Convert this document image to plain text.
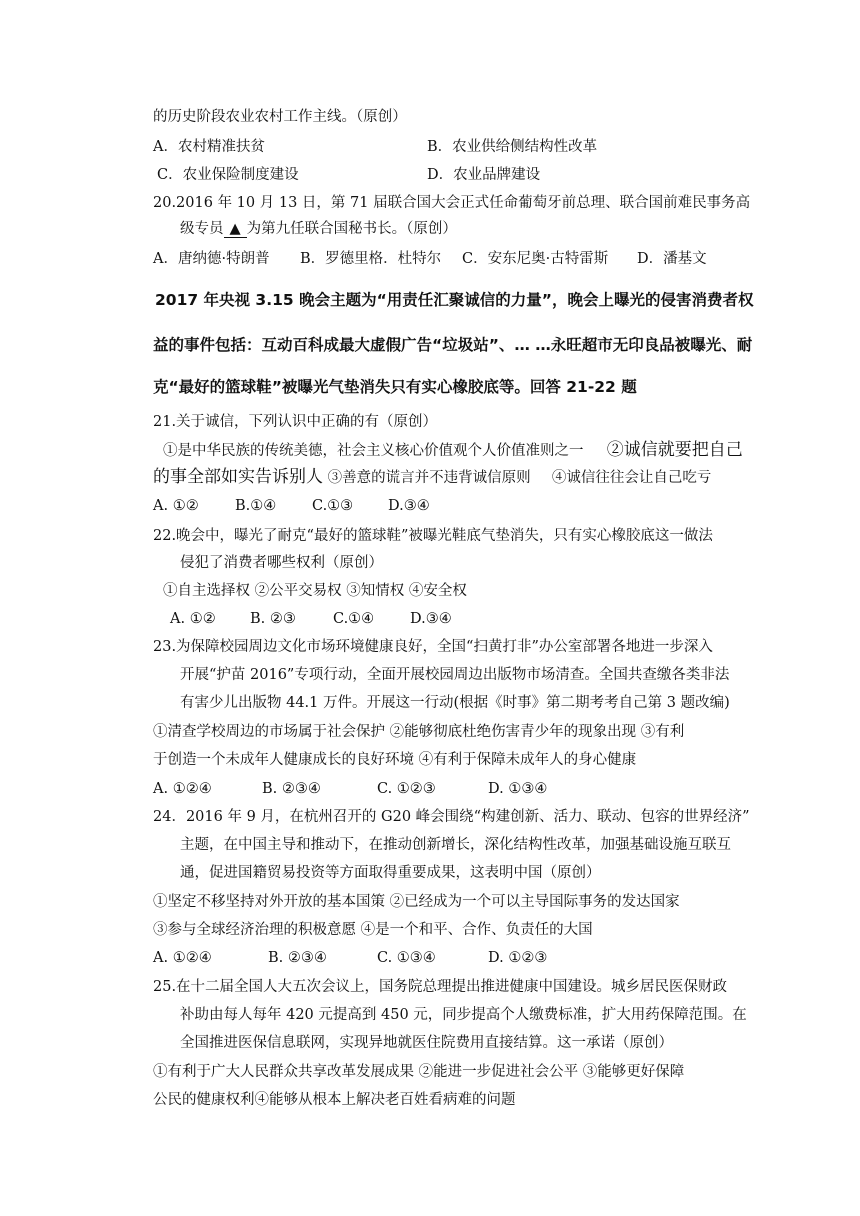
的历史阶段农业农村工作主线。（原创）
A．农村精准扶贫	B．农业供给侧结构性改革
C．农业保险制度建设	D．农业品牌建设
20.2016 年 10 月 13 日，第 71 届联合国大会正式任命葡萄牙前总理、联合国前难民事务高
级专员 ▲ 为第九任联合国秘书长。（原创）
A．唐纳德·特朗普 B．罗德里格．杜特尔 C．安东尼奥·古特雷斯 D．潘基文
2017 年央视 3.15 晚会主题为“用责任汇聚诚信的力量”，晚会上曝光的侵害消费者权
益的事件包括：互动百科成最大虚假广告“垃圾站”、… …永旺超市无印良品被曝光、耐
克“最好的篮球鞋”被曝光气垫消失只有实心橡胶底等。回答 21-22 题
21.关于诚信，下列认识中正确的有（原创）
①是中华民族的传统美德，社会主义核心价值观个人价值准则之一 ②诚信就要把自己
的事全部如实告诉别人 ③善意的谎言并不违背诚信原则 ④诚信往往会让自己吃亏
A. ①②	B.①④ C.①③ D.③④
22.晚会中，曝光了耐克“最好的篮球鞋”被曝光鞋底气垫消失，只有实心橡胶底这一做法
侵犯了消费者哪些权利（原创）
①自主选择权 ②公平交易权 ③知情权 ④安全权
A. ①② B. ②③	C.①④ D.③④
23.为保障校园周边文化市场环境健康良好，全国“扫黄打非”办公室部署各地进一步深入
开展“护苗 2016”专项行动，全面开展校园周边出版物市场清查。全国共查缴各类非法
有害少儿出版物 44.1 万件。开展这一行动(根据《时事》第二期考考自己第 3 题改编)
①清查学校周边的市场属于社会保护 ②能够彻底杜绝伤害青少年的现象出现 ③有利
于创造一个未成年人健康成长的良好环境 ④有利于保障未成年人的身心健康
A. ①②④	B. ②③④	C. ①②③	D. ①③④
24．2016 年 9 月，在杭州召开的 G20 峰会围绕“构建创新、活力、联动、包容的世界经济”
主题，在中国主导和推动下，在推动创新增长，深化结构性改革，加强基础设施互联互
通，促进国籍贸易投资等方面取得重要成果，这表明中国（原创）
①坚定不移坚持对外开放的基本国策 ②已经成为一个可以主导国际事务的发达国家
③参与全球经济治理的积极意愿 ④是一个和平、合作、负责任的大国
A. ①②④	B. ②③④	C. ①③④	D. ①②③
25.在十二届全国人大五次会议上，国务院总理提出推进健康中国建设。城乡居民医保财政
补助由每人每年 420 元提高到 450 元，同步提高个人缴费标准，扩大用药保障范围。在
全国推进医保信息联网，实现异地就医住院费用直接结算。这一承诺（原创）
①有利于广大人民群众共享改革发展成果 ②能进一步促进社会公平 ③能够更好保障
公民的健康权利④能够从根本上解决老百姓看病难的问题
